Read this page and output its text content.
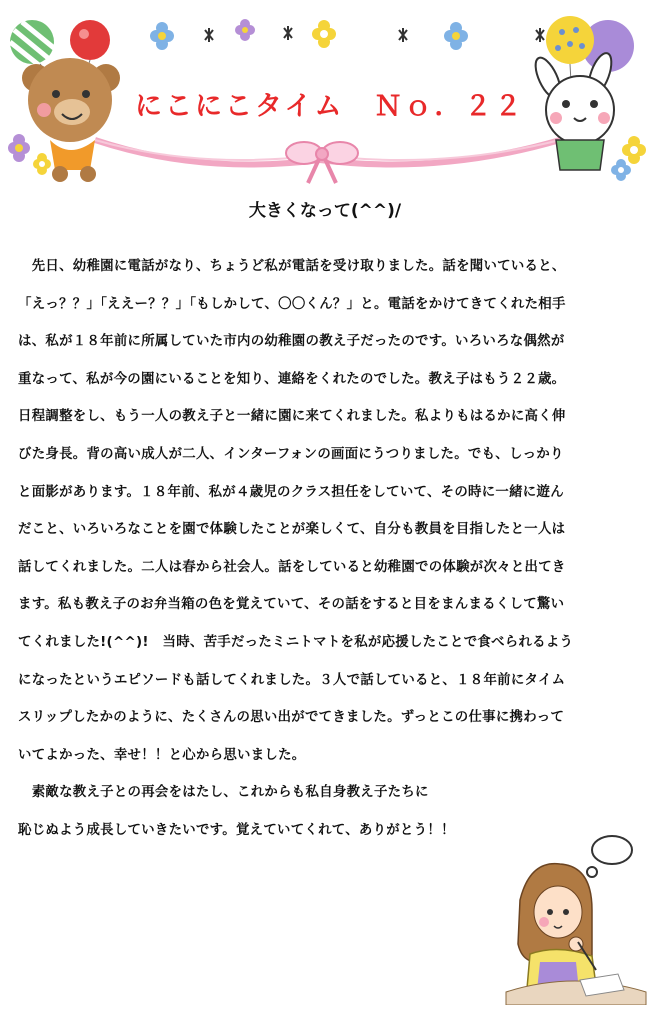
にこにこタイム　Ｎｏ．２２
大きくなって(^^)/

　先日、幼稚園に電話がなり、ちょうど私が電話を受け取りました。話を聞いていると、

「えっ？？」「ええー？？」「もしかして、〇〇くん？」と。電話をかけてきてくれた相手

は、私が１８年前に所属していた市内の幼稚園の教え子だったのです。いろいろな偶然が

重なって、私が今の園にいることを知り、連絡をくれたのでした。教え子はもう２２歳。

日程調整をし、もう一人の教え子と一緒に園に来てくれました。私よりもはるかに高く伸

びた身長。背の高い成人が二人、インターフォンの画面にうつりました。でも、しっかり

と面影があります。１８年前、私が４歳児のクラス担任をしていて、その時に一緒に遊ん

だこと、いろいろなことを園で体験したことが楽しくて、自分も教員を目指したと一人は

話してくれました。二人は春から社会人。話をしていると幼稚園での体験が次々と出てき

ます。私も教え子のお弁当箱の色を覚えていて、その話をすると目をまんまるくして驚い

てくれました!(^^)!　当時、苦手だったミニトマトを私が応援したことで食べられるよう

になったというエピソードも話してくれました。３人で話していると、１８年前にタイム

スリップしたかのように、たくさんの思い出がでてきました。ずっとこの仕事に携わって

いてよかった、幸せ！！と心から思いました。

　素敵な教え子との再会をはたし、これからも私自身教え子たちに

恥じぬよう成長していきたいです。覚えていてくれて、ありがとう！！
